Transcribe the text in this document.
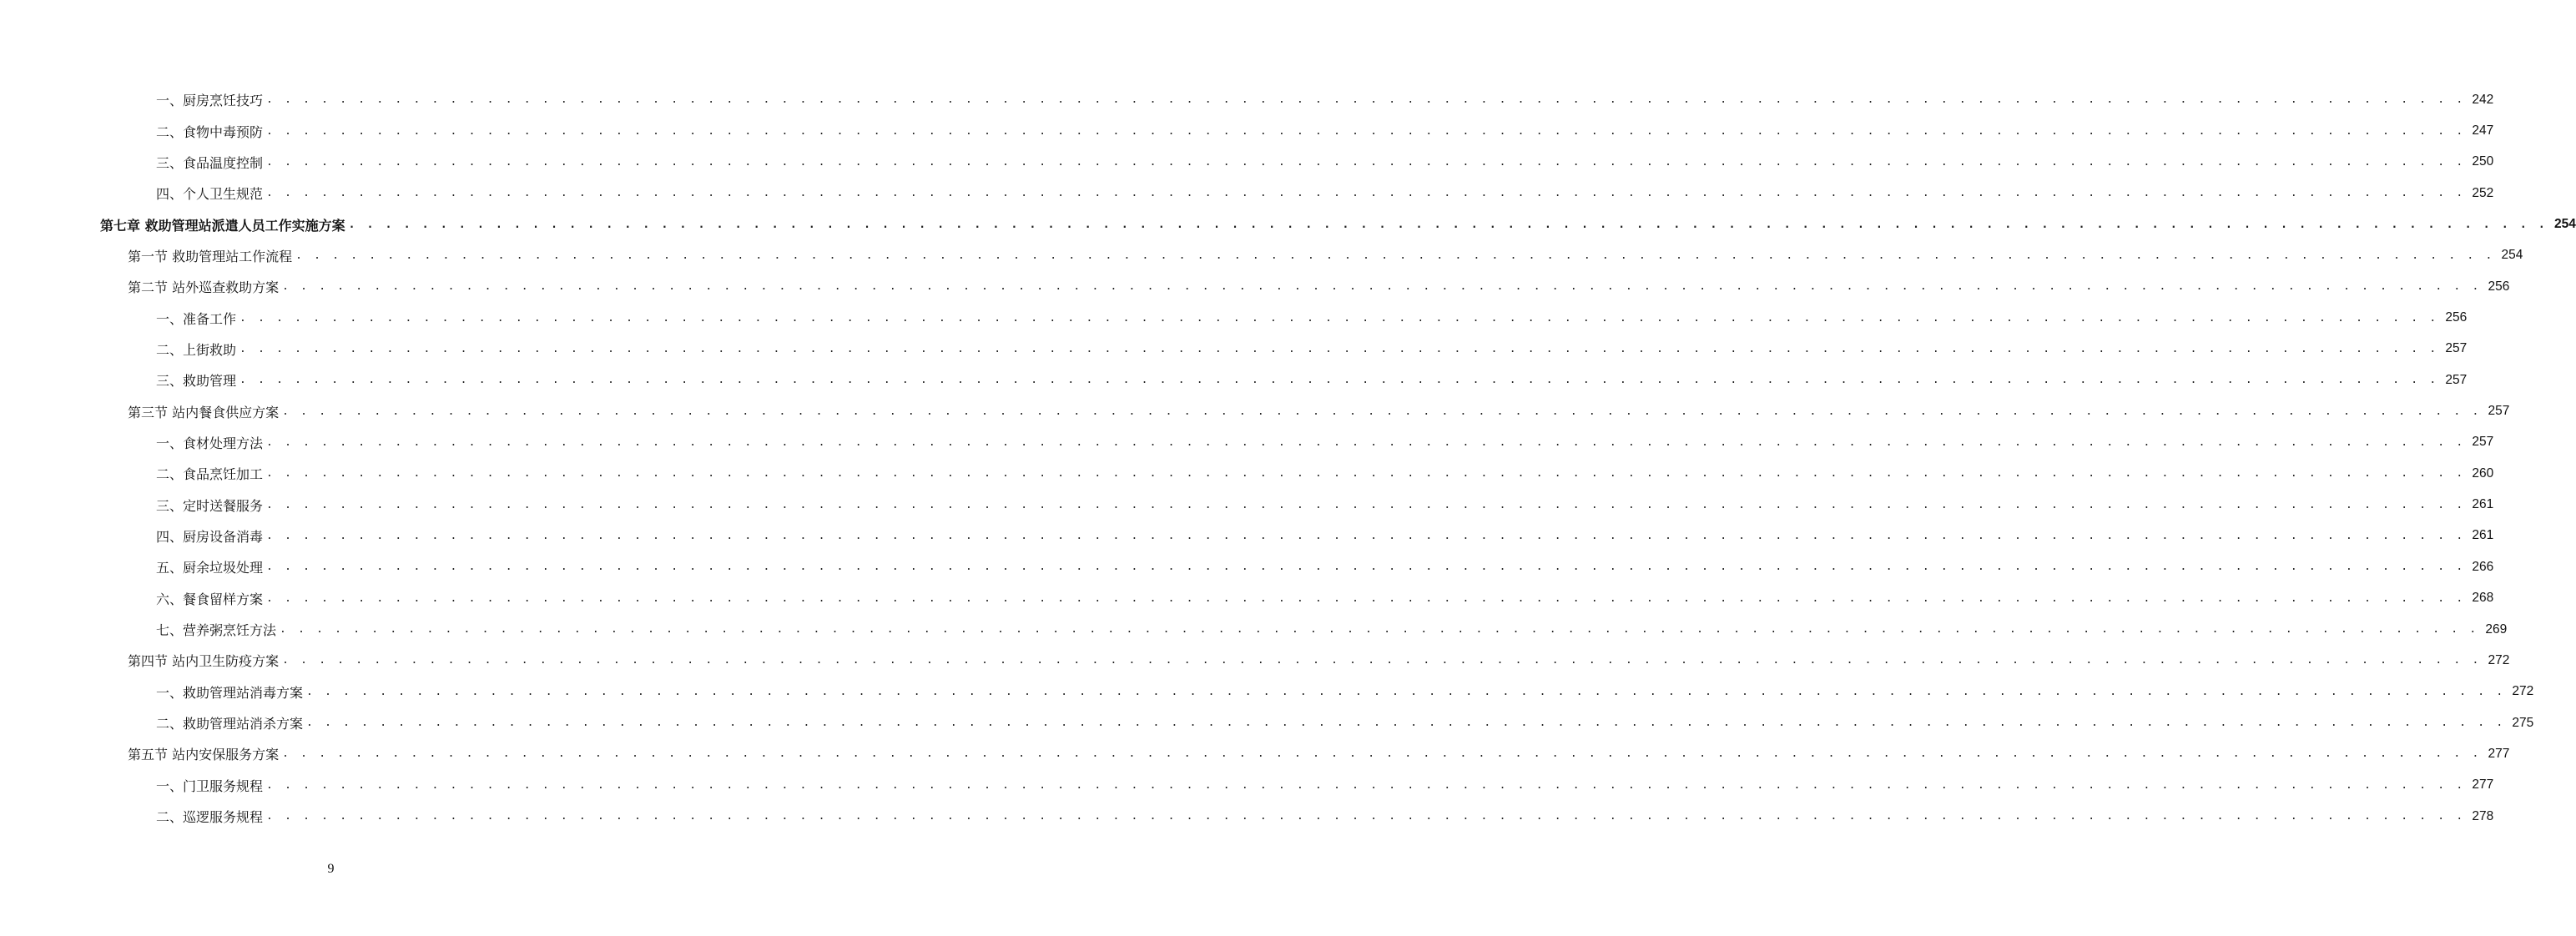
一、厨房烹饪技巧 . . . . . . . . . . . . . . . . . . . . . . . . . . . . . . . . . . . . . . . . . . . . . . . . . . . . . . . . . . . . . . . . . . . . . . . . . . . . . . . . . . . . . . . . . . . . . . . . . . . . . . . . . . . . . . . . . . . . . . . . 242
二、食物中毒预防 . . . . . . . . . . . . . . . . . . . . . . . . . . . . . . . . . . . . . . . . . . . . . . . . . . . . . . . . . . . . . . . . . . . . . . . . . . . . . . . . . . . . . . . . . . . . . . . . . . . . . . . . . . . . . . . . . . . . . . . . 247
三、食品温度控制 . . . . . . . . . . . . . . . . . . . . . . . . . . . . . . . . . . . . . . . . . . . . . . . . . . . . . . . . . . . . . . . . . . . . . . . . . . . . . . . . . . . . . . . . . . . . . . . . . . . . . . . . . . . . . . . . . . . . . . . . 250
四、个人卫生规范 . . . . . . . . . . . . . . . . . . . . . . . . . . . . . . . . . . . . . . . . . . . . . . . . . . . . . . . . . . . . . . . . . . . . . . . . . . . . . . . . . . . . . . . . . . . . . . . . . . . . . . . . . . . . . . . . . . . . . . . . 252
第七章 救助管理站派遣人员工作实施方案 . . . . . . . . . . . . . . . . . . . . . . . . . . . . . . . . . . . . . . . . . . . . . . . . . . . . . . . . . . . . . . . . . . . . . . . . . . . . . . . . . . . . . . . . . . . . . . . . . . . . . . . . . . . . . . . . . . . . . . . . 254
第一节 救助管理站工作流程 . . . . . . . . . . . . . . . . . . . . . . . . . . . . . . . . . . . . . . . . . . . . . . . . . . . . . . . . . . . . . . . . . . . . . . . . . . . . . . . . . . . . . . . . . . . . . . . . . . . . . . . . . . . . . . . . . . . . . . . . 254
第二节 站外巡查救助方案 . . . . . . . . . . . . . . . . . . . . . . . . . . . . . . . . . . . . . . . . . . . . . . . . . . . . . . . . . . . . . . . . . . . . . . . . . . . . . . . . . . . . . . . . . . . . . . . . . . . . . . . . . . . . . . . . . . . . . . . . 256
一、准备工作 . . . . . . . . . . . . . . . . . . . . . . . . . . . . . . . . . . . . . . . . . . . . . . . . . . . . . . . . . . . . . . . . . . . . . . . . . . . . . . . . . . . . . . . . . . . . . . . . . . . . . . . . . . . . . . . . . . . . . . . . 256
二、上街救助 . . . . . . . . . . . . . . . . . . . . . . . . . . . . . . . . . . . . . . . . . . . . . . . . . . . . . . . . . . . . . . . . . . . . . . . . . . . . . . . . . . . . . . . . . . . . . . . . . . . . . . . . . . . . . . . . . . . . . . . . 257
三、救助管理 . . . . . . . . . . . . . . . . . . . . . . . . . . . . . . . . . . . . . . . . . . . . . . . . . . . . . . . . . . . . . . . . . . . . . . . . . . . . . . . . . . . . . . . . . . . . . . . . . . . . . . . . . . . . . . . . . . . . . . . . 257
第三节 站内餐食供应方案 . . . . . . . . . . . . . . . . . . . . . . . . . . . . . . . . . . . . . . . . . . . . . . . . . . . . . . . . . . . . . . . . . . . . . . . . . . . . . . . . . . . . . . . . . . . . . . . . . . . . . . . . . . . . . . . . . . . . . . . . 257
一、食材处理方法 . . . . . . . . . . . . . . . . . . . . . . . . . . . . . . . . . . . . . . . . . . . . . . . . . . . . . . . . . . . . . . . . . . . . . . . . . . . . . . . . . . . . . . . . . . . . . . . . . . . . . . . . . . . . . . . . . . . . . . . . 257
二、食品烹饪加工 . . . . . . . . . . . . . . . . . . . . . . . . . . . . . . . . . . . . . . . . . . . . . . . . . . . . . . . . . . . . . . . . . . . . . . . . . . . . . . . . . . . . . . . . . . . . . . . . . . . . . . . . . . . . . . . . . . . . . . . . 260
三、定时送餐服务 . . . . . . . . . . . . . . . . . . . . . . . . . . . . . . . . . . . . . . . . . . . . . . . . . . . . . . . . . . . . . . . . . . . . . . . . . . . . . . . . . . . . . . . . . . . . . . . . . . . . . . . . . . . . . . . . . . . . . . . . 261
四、厨房设备消毒 . . . . . . . . . . . . . . . . . . . . . . . . . . . . . . . . . . . . . . . . . . . . . . . . . . . . . . . . . . . . . . . . . . . . . . . . . . . . . . . . . . . . . . . . . . . . . . . . . . . . . . . . . . . . . . . . . . . . . . . . 261
五、厨余垃圾处理 . . . . . . . . . . . . . . . . . . . . . . . . . . . . . . . . . . . . . . . . . . . . . . . . . . . . . . . . . . . . . . . . . . . . . . . . . . . . . . . . . . . . . . . . . . . . . . . . . . . . . . . . . . . . . . . . . . . . . . . . 266
六、餐食留样方案 . . . . . . . . . . . . . . . . . . . . . . . . . . . . . . . . . . . . . . . . . . . . . . . . . . . . . . . . . . . . . . . . . . . . . . . . . . . . . . . . . . . . . . . . . . . . . . . . . . . . . . . . . . . . . . . . . . . . . . . . 268
七、营养粥烹饪方法 . . . . . . . . . . . . . . . . . . . . . . . . . . . . . . . . . . . . . . . . . . . . . . . . . . . . . . . . . . . . . . . . . . . . . . . . . . . . . . . . . . . . . . . . . . . . . . . . . . . . . . . . . . . . . . . . . . . . . . . . 269
第四节 站内卫生防疫方案 . . . . . . . . . . . . . . . . . . . . . . . . . . . . . . . . . . . . . . . . . . . . . . . . . . . . . . . . . . . . . . . . . . . . . . . . . . . . . . . . . . . . . . . . . . . . . . . . . . . . . . . . . . . . . . . . . . . . . . . . 272
一、救助管理站消毒方案 . . . . . . . . . . . . . . . . . . . . . . . . . . . . . . . . . . . . . . . . . . . . . . . . . . . . . . . . . . . . . . . . . . . . . . . . . . . . . . . . . . . . . . . . . . . . . . . . . . . . . . . . . . . . . . . . . . . . . . . . 272
二、救助管理站消杀方案 . . . . . . . . . . . . . . . . . . . . . . . . . . . . . . . . . . . . . . . . . . . . . . . . . . . . . . . . . . . . . . . . . . . . . . . . . . . . . . . . . . . . . . . . . . . . . . . . . . . . . . . . . . . . . . . . . . . . . . . . 275
第五节 站内安保服务方案 . . . . . . . . . . . . . . . . . . . . . . . . . . . . . . . . . . . . . . . . . . . . . . . . . . . . . . . . . . . . . . . . . . . . . . . . . . . . . . . . . . . . . . . . . . . . . . . . . . . . . . . . . . . . . . . . . . . . . . . . 277
一、门卫服务规程 . . . . . . . . . . . . . . . . . . . . . . . . . . . . . . . . . . . . . . . . . . . . . . . . . . . . . . . . . . . . . . . . . . . . . . . . . . . . . . . . . . . . . . . . . . . . . . . . . . . . . . . . . . . . . . . . . . . . . . . . 277
二、巡逻服务规程 . . . . . . . . . . . . . . . . . . . . . . . . . . . . . . . . . . . . . . . . . . . . . . . . . . . . . . . . . . . . . . . . . . . . . . . . . . . . . . . . . . . . . . . . . . . . . . . . . . . . . . . . . . . . . . . . . . . . . . . . 278
9
